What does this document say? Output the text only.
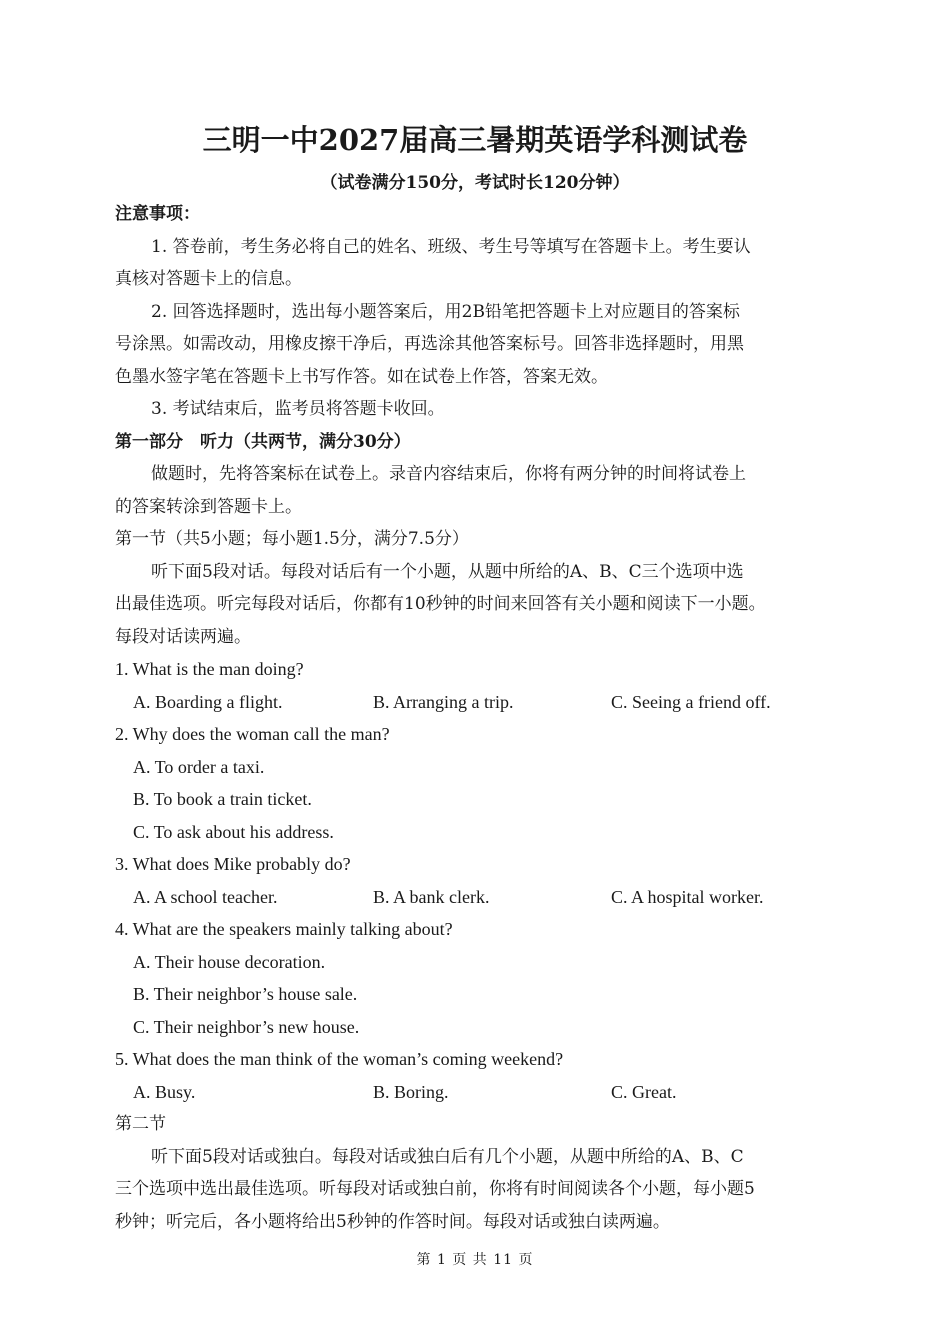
三明一中2027届高三暑期英语学科测试卷
（试卷满分150分，考试时长120分钟）
注意事项：
1. 答卷前，考生务必将自己的姓名、班级、考生号等填写在答题卡上。考生要认
真核对答题卡上的信息。
2. 回答选择题时，选出每小题答案后，用2B铅笔把答题卡上对应题目的答案标
号涂黑。如需改动，用橡皮擦干净后，再选涂其他答案标号。回答非选择题时，用黑
色墨水签字笔在答题卡上书写作答。如在试卷上作答，答案无效。
3. 考试结束后，监考员将答题卡收回。
第一部分　听力（共两节，满分30分）
做题时，先将答案标在试卷上。录音内容结束后，你将有两分钟的时间将试卷上
的答案转涂到答题卡上。
第一节（共5小题；每小题1.5分，满分7.5分）
听下面5段对话。每段对话后有一个小题，从题中所给的A、B、C三个选项中选
出最佳选项。听完每段对话后，你都有10秒钟的时间来回答有关小题和阅读下一小题。
每段对话读两遍。
1. What is the man doing?
A. Boarding a flight.	B. Arranging a trip.	C. Seeing a friend off.
2. Why does the woman call the man?
A. To order a taxi.
B. To book a train ticket.
C. To ask about his address.
3. What does Mike probably do?
A. A school teacher.	B. A bank clerk.	C. A hospital worker.
4. What are the speakers mainly talking about?
A. Their house decoration.
B. Their neighbor’s house sale.
C. Their neighbor’s new house.
5. What does the man think of the woman’s coming weekend?
A. Busy.	B. Boring.	C. Great.
第二节
听下面5段对话或独白。每段对话或独白后有几个小题，从题中所给的A、B、C
三个选项中选出最佳选项。听每段对话或独白前，你将有时间阅读各个小题，每小题5
秒钟；听完后，各小题将给出5秒钟的作答时间。每段对话或独白读两遍。
第 1 页 共 11 页
